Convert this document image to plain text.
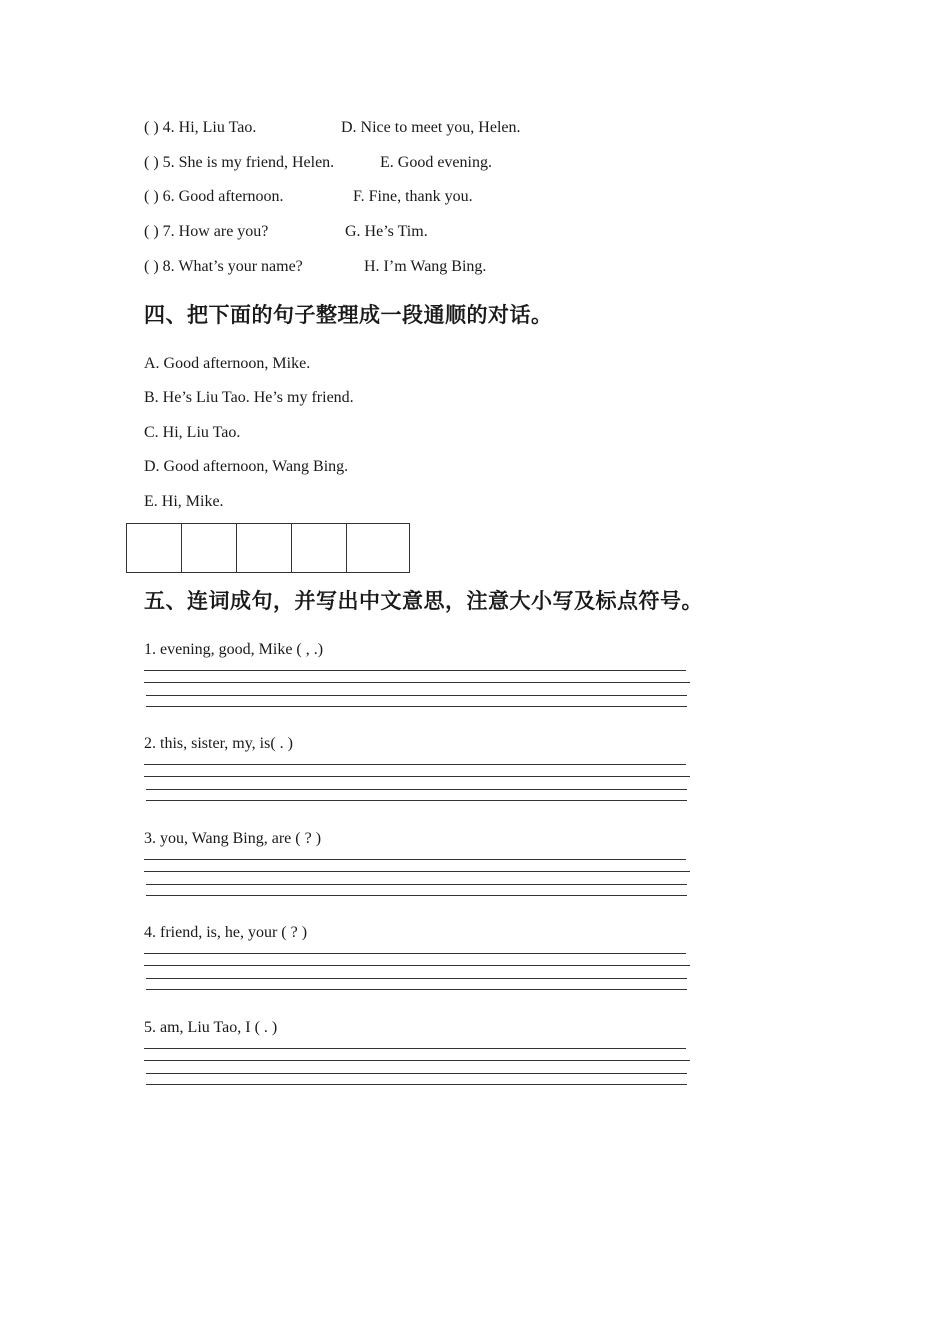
( ) 4. Hi, Liu Tao.	D. Nice to meet you, Helen.
( ) 5. She is my friend, Helen.	E. Good evening.
( ) 6. Good afternoon.	F. Fine, thank you.
( ) 7. How are you?	G. He’s Tim.
( ) 8. What’s your name?	H. I’m Wang Bing.
四、把下面的句子整理成一段通顺的对话。
A. Good afternoon, Mike.
B. He’s Liu Tao. He’s my friend.
C. Hi, Liu Tao.
D. Good afternoon, Wang Bing.
E. Hi, Mike.
五、连词成句，并写出中文意思，注意大小写及标点符号。
1. evening, good, Mike ( , .)
2. this, sister, my, is( . )
3. you, Wang Bing, are ( ? )
4. friend, is, he, your ( ? )
5. am, Liu Tao, I ( . )
